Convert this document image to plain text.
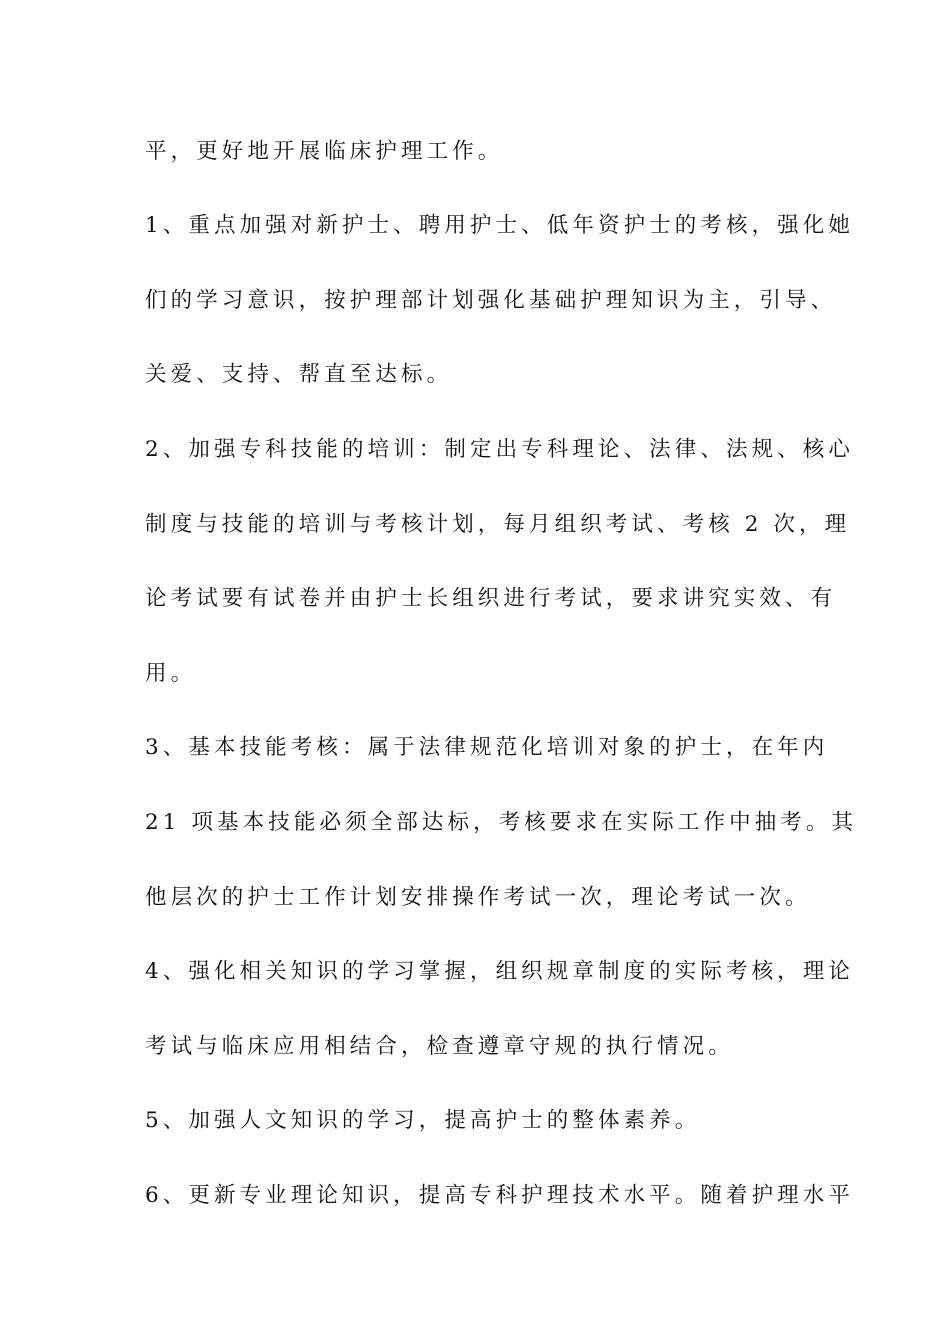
平，更好地开展临床护理工作。
1、重点加强对新护士、聘用护士、低年资护士的考核，强化她
们的学习意识，按护理部计划强化基础护理知识为主，引导、
关爱、支持、帮直至达标。
2、加强专科技能的培训：制定出专科理论、法律、法规、核心
制度与技能的培训与考核计划，每月组织考试、考核 2 次，理
论考试要有试卷并由护士长组织进行考试，要求讲究实效、有
用。
3、基本技能考核：属于法律规范化培训对象的护士，在年内
21 项基本技能必须全部达标，考核要求在实际工作中抽考。其
他层次的护士工作计划安排操作考试一次，理论考试一次。
4、强化相关知识的学习掌握，组织规章制度的实际考核，理论
考试与临床应用相结合，检查遵章守规的执行情况。
5、加强人文知识的学习，提高护士的整体素养。
6、更新专业理论知识，提高专科护理技术水平。随着护理水平
